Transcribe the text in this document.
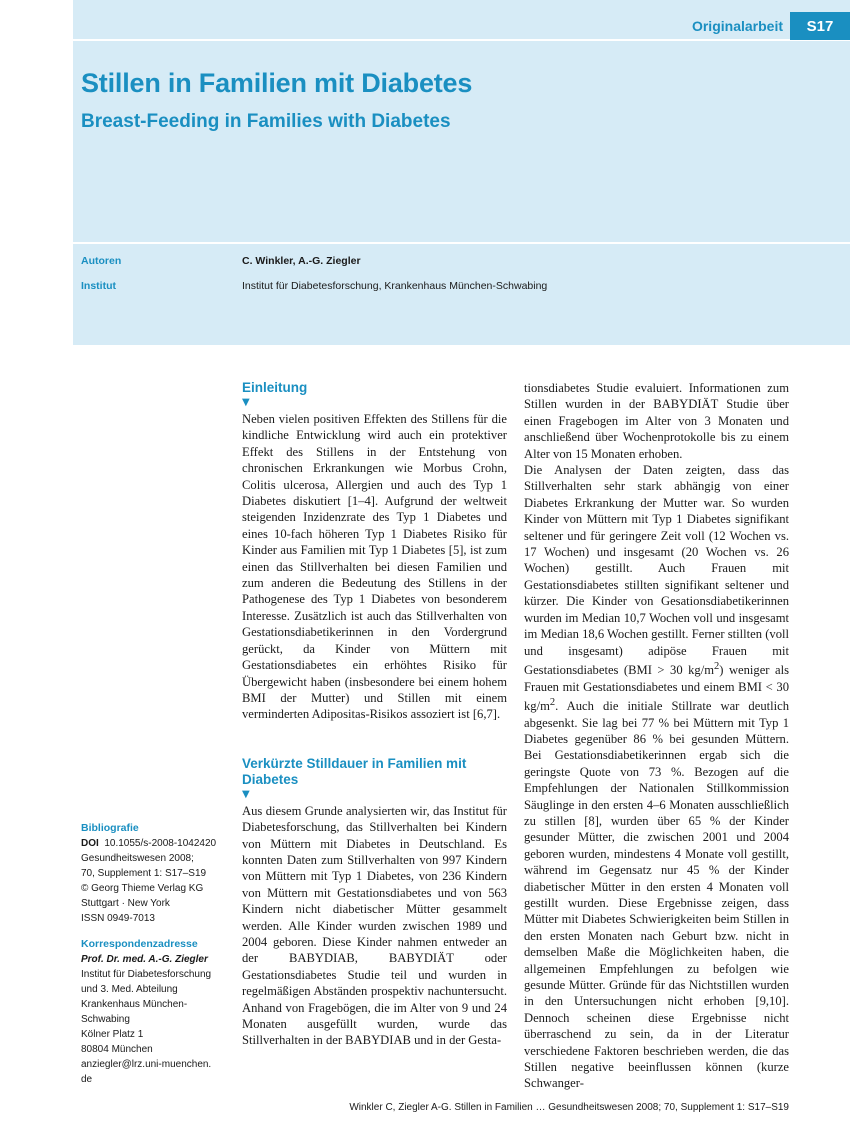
Originalarbeit	S17
Stillen in Familien mit Diabetes
Breast-Feeding in Families with Diabetes
Autoren	C. Winkler, A.-G. Ziegler
Institut	Institut für Diabetesforschung, Krankenhaus München-Schwabing
Bibliografie
DOI 10.1055/s-2008-1042420
Gesundheitswesen 2008;
70, Supplement 1: S17–S19
© Georg Thieme Verlag KG
Stuttgart · New York
ISSN 0949-7013
Korrespondenzadresse
Prof. Dr. med. A.-G. Ziegler
Institut für Diabetesforschung
und 3. Med. Abteilung
Krankenhaus München-
Schwabing
Kölner Platz 1
80804 München
anziegler@lrz.uni-muenchen.
de
Einleitung
▼

Neben vielen positiven Effekten des Stillens für die kindliche Entwicklung wird auch ein protektiver Effekt des Stillens in der Entstehung von chronischen Erkrankungen wie Morbus Crohn, Colitis ulcerosa, Allergien und auch des Typ 1 Diabetes diskutiert [1–4]. Aufgrund der weltweit steigenden Inzidenzrate des Typ 1 Diabetes und eines 10-fach höheren Typ 1 Diabetes Risiko für Kinder aus Familien mit Typ 1 Diabetes [5], ist zum einen das Stillverhalten bei diesen Familien und zum anderen die Bedeutung des Stillens in der Pathogenese des Typ 1 Diabetes von besonderem Interesse. Zusätzlich ist auch das Stillverhalten von Gestationsdiabetikerinnen in den Vordergrund gerückt, da Kinder von Müttern mit Gestationsdiabetes ein erhöhtes Risiko für Übergewicht haben (insbesondere bei einem hohem BMI der Mutter) und Stillen mit einem verminderten Adipositas-Risikos assoziert ist [6,7].

Verkürzte Stilldauer in Familien mit Diabetes
▼

Aus diesem Grunde analysierten wir, das Institut für Diabetesforschung, das Stillverhalten bei Kindern von Müttern mit Diabetes in Deutschland. Es konnten Daten zum Stillverhalten von 997 Kindern von Müttern mit Typ 1 Diabetes, von 236 Kindern von Müttern mit Gestationsdiabetes und von 563 Kindern nicht diabetischer Mütter gesammelt werden. Alle Kinder wurden zwischen 1989 und 2004 geboren. Diese Kinder nahmen entweder an der BABYDIAB, BABYDIÄT oder Gestationsdiabetes Studie teil und wurden in regelmäßigen Abständen prospektiv nachuntersucht. Anhand von Fragebögen, die im Alter von 9 und 24 Monaten ausgefüllt wurden, wurde das Stillverhalten in der BABYDIAB und in der Gesta-

tionsdiabetes Studie evaluiert. Informationen zum Stillen wurden in der BABYDIÄT Studie über einen Fragebogen im Alter von 3 Monaten und anschließend über Wochenprotokolle bis zu einem Alter von 15 Monaten erhoben.

Die Analysen der Daten zeigten, dass das Stillverhalten sehr stark abhängig von einer Diabetes Erkrankung der Mutter war. So wurden Kinder von Müttern mit Typ 1 Diabetes signifikant seltener und für geringere Zeit voll (12 Wochen vs. 17 Wochen) und insgesamt (20 Wochen vs. 26 Wochen) gestillt. Auch Frauen mit Gestationsdiabetes stillten signifikant seltener und kürzer. Die Kinder von Gesationsdiabetikerinnen wurden im Median 10,7 Wochen voll und insgesamt im Median 18,6 Wochen gestillt. Ferner stillten (voll und insgesamt) adipöse Frauen mit Gestationsdiabetes (BMI > 30 $kg/m^2$) weniger als Frauen mit Gestationsdiabetes und einem BMI < 30 $kg/m^2$. Auch die initiale Stillrate war deutlich abgesenkt. Sie lag bei 77 % bei Müttern mit Typ 1 Diabetes gegenüber 86 % bei gesunden Müttern. Bei Gestationsdiabetikerinnen ergab sich die geringste Quote von 73 %. Bezogen auf die Empfehlungen der Nationalen Stillkommission Säuglinge in den ersten 4–6 Monaten ausschließlich zu stillen [8], wurden über 65 % der Kinder gesunder Mütter, die zwischen 2001 und 2004 geboren wurden, mindestens 4 Monate voll gestillt, während im Gegensatz nur 45 % der Kinder diabetischer Mütter in den ersten 4 Monaten voll gestillt wurden. Diese Ergebnisse zeigen, dass Mütter mit Diabetes Schwierigkeiten beim Stillen in den ersten Monaten nach Geburt bzw. nicht in demselben Maße die Möglichkeiten haben, die allgemeinen Empfehlungen zu befolgen wie gesunde Mütter. Gründe für das Nichtstillen wurden in den Untersuchungen nicht erhoben [9,10]. Dennoch scheinen diese Ergebnisse nicht überraschend zu sein, da in der Literatur verschiedene Faktoren beschrieben werden, die das Stillen negative beeinflussen können (kurze Schwanger-

Winkler C, Ziegler A-G. Stillen in Familien … Gesundheitswesen 2008; 70, Supplement 1: S17–S19
